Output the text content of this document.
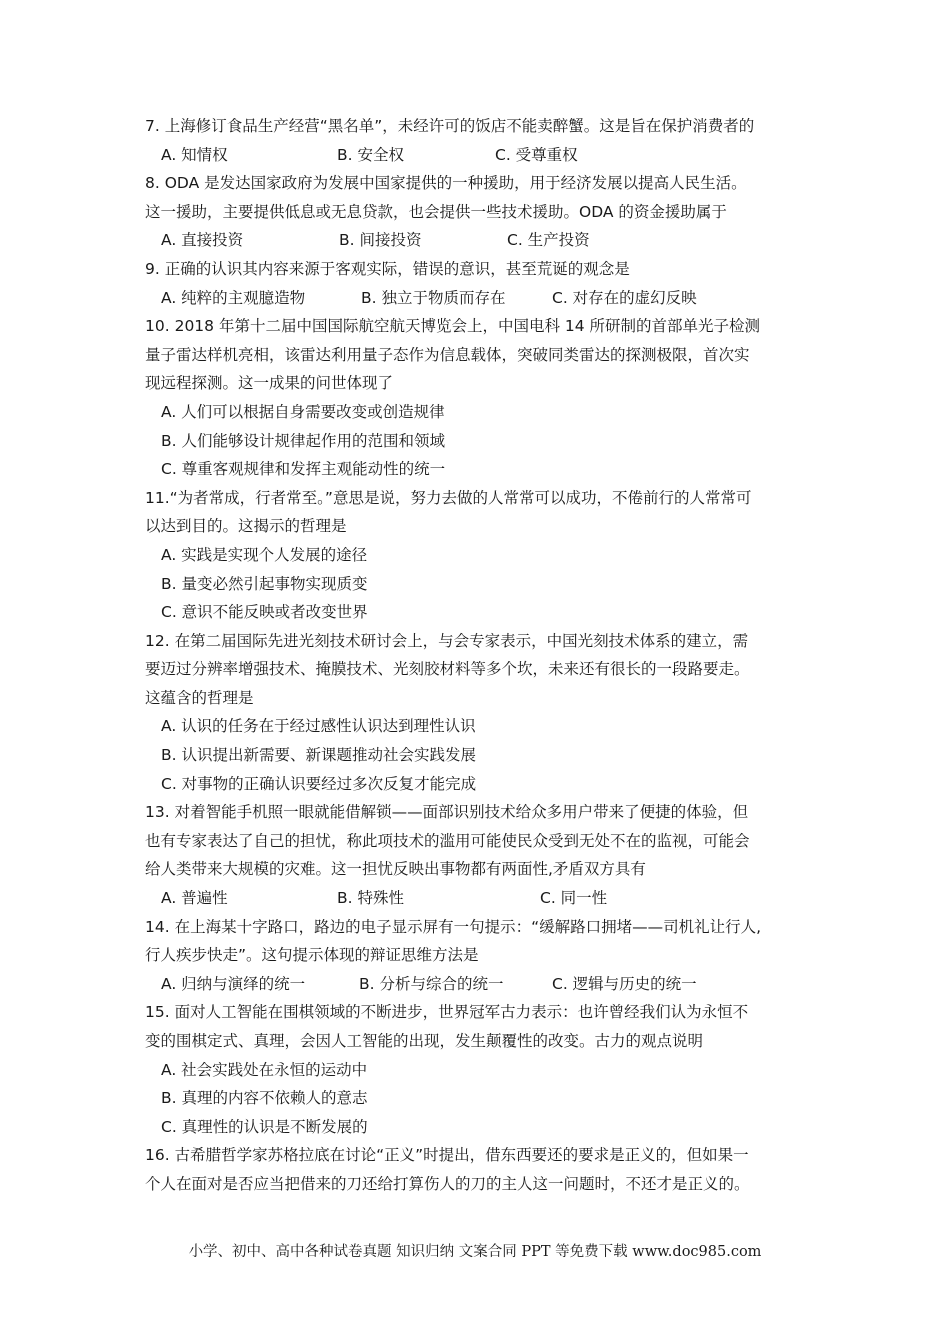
7. 上海修订食品生产经营“黑名单”，未经许可的饭店不能卖醉蟹。这是旨在保护消费者的
A. 知情权	B. 安全权	C. 受尊重权
8. ODA 是发达国家政府为发展中国家提供的一种援助，用于经济发展以提高人民生活。
这一援助，主要提供低息或无息贷款，也会提供一些技术援助。ODA 的资金援助属于
A. 直接投资	B. 间接投资	C. 生产投资
9. 正确的认识其内容来源于客观实际，错误的意识，甚至荒诞的观念是
A. 纯粹的主观臆造物	B. 独立于物质而存在	C. 对存在的虚幻反映
10. 2018 年第十二届中国国际航空航天博览会上，中国电科 14 所研制的首部单光子检测
量子雷达样机亮相，该雷达利用量子态作为信息载体，突破同类雷达的探测极限，首次实
现远程探测。这一成果的问世体现了
A. 人们可以根据自身需要改变或创造规律
B. 人们能够设计规律起作用的范围和领域
C. 尊重客观规律和发挥主观能动性的统一
11.“为者常成，行者常至。”意思是说，努力去做的人常常可以成功，不倦前行的人常常可
以达到目的。这揭示的哲理是
A. 实践是实现个人发展的途径
B. 量变必然引起事物实现质变
C. 意识不能反映或者改变世界
12. 在第二届国际先进光刻技术研讨会上，与会专家表示，中国光刻技术体系的建立，需
要迈过分辨率增强技术、掩膜技术、光刻胶材料等多个坎，未来还有很长的一段路要走。
这蕴含的哲理是
A. 认识的任务在于经过感性认识达到理性认识
B. 认识提出新需要、新课题推动社会实践发展
C. 对事物的正确认识要经过多次反复才能完成
13. 对着智能手机照一眼就能借解锁——面部识别技术给众多用户带来了便捷的体验，但
也有专家表达了自己的担忧，称此项技术的滥用可能使民众受到无处不在的监视，可能会
给人类带来大规模的灾难。这一担忧反映出事物都有两面性,矛盾双方具有
A. 普遍性	B. 特殊性	C. 同一性
14. 在上海某十字路口，路边的电子显示屏有一句提示：“缓解路口拥堵——司机礼让行人,
行人疾步快走”。这句提示体现的辩证思维方法是
A. 归纳与演绎的统一	B. 分析与综合的统一	C. 逻辑与历史的统一
15. 面对人工智能在围棋领域的不断进步，世界冠军古力表示：也许曾经我们认为永恒不
变的围棋定式、真理，会因人工智能的出现，发生颠覆性的改变。古力的观点说明
A. 社会实践处在永恒的运动中
B. 真理的内容不依赖人的意志
C. 真理性的认识是不断发展的
16. 古希腊哲学家苏格拉底在讨论“正义”时提出，借东西要还的要求是正义的，但如果一
个人在面对是否应当把借来的刀还给打算伤人的刀的主人这一问题时，不还才是正义的。
小学、初中、高中各种试卷真题 知识归纳 文案合同 PPT 等免费下载 www.doc985.com
